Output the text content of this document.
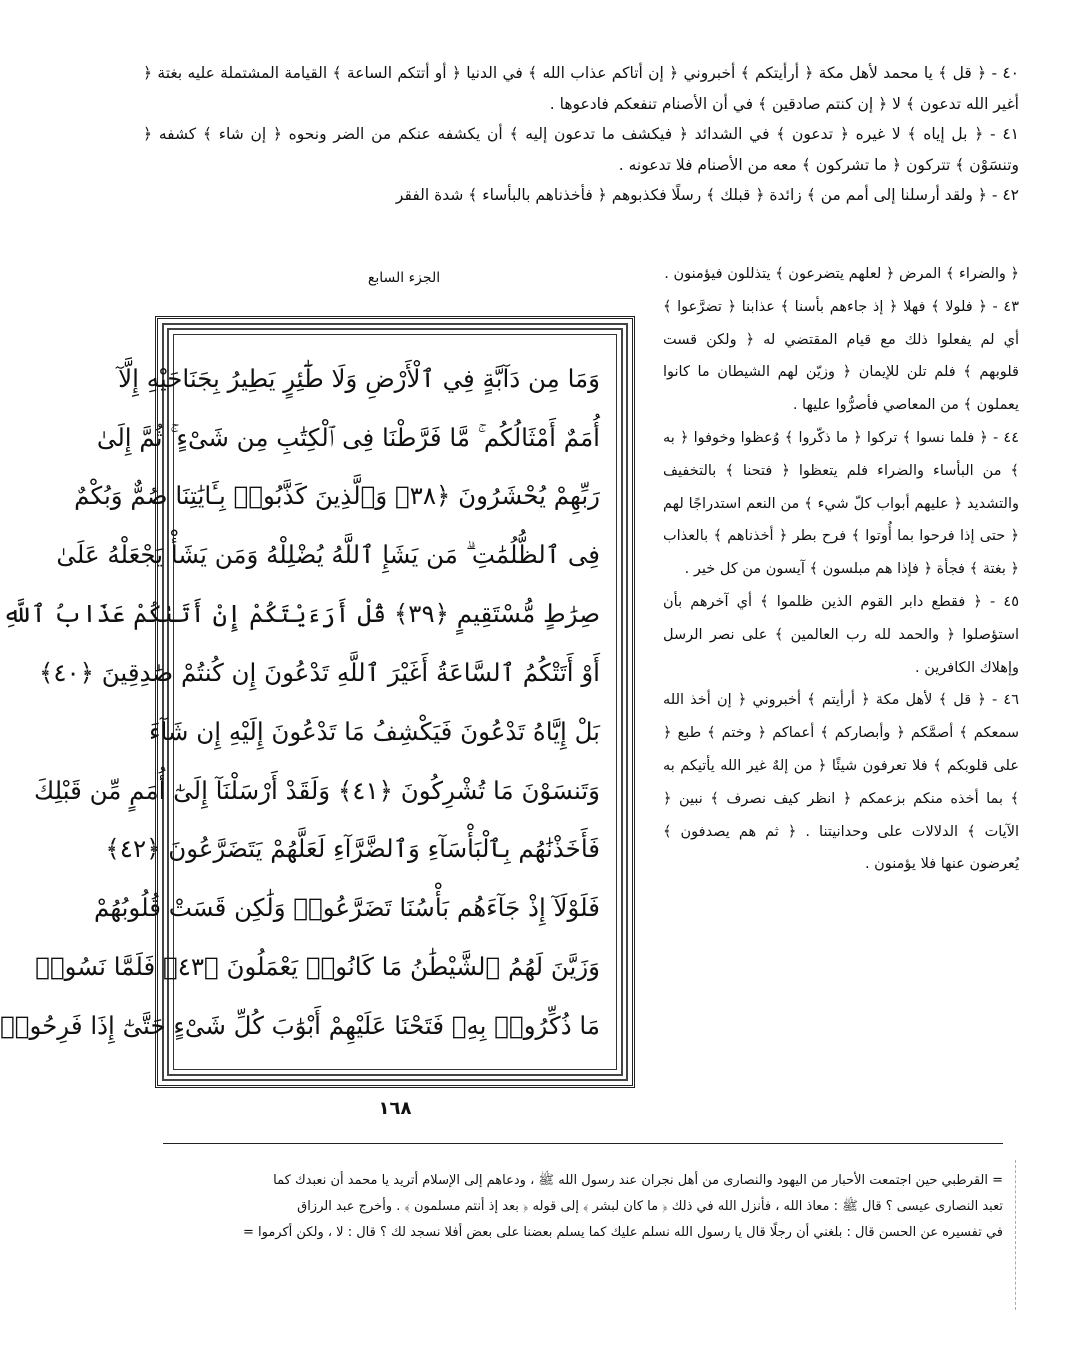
٤٠ - ﴿ قل ﴾ يا محمد لأهل مكة ﴿ أرأيتكم ﴾ أخبروني ﴿ إن أتاكم عذاب الله ﴾ في الدنيا ﴿ أو أتتكم الساعة ﴾ القيامة المشتملة عليه بغتة ﴿ أغير الله تدعون ﴾ لا ﴿ إن كنتم صادقين ﴾ في أن الأصنام تنفعكم فادعوها .

٤١ - ﴿ بل إياه ﴾ لا غيره ﴿ تدعون ﴾ في الشدائد ﴿ فيكشف ما تدعون إليه ﴾ أن يكشفه عنكم من الضر ونحوه ﴿ إن شاء ﴾ كشفه ﴿ وتنسَوْن ﴾ تتركون ﴿ ما تشركون ﴾ معه من الأصنام فلا تدعونه .

٤٢ - ﴿ ولقد أرسلنا إلى أمم من ﴾ زائدة ﴿ قبلك ﴾ رسلًا فكذبوهم ﴿ فأخذناهم بالبأساء ﴾ شدة الفقر

الجزء السابع
وَمَا مِن دَآبَّةٍ فِي ٱلْأَرْضِ وَلَا طَٰٓئِرٍ يَطِيرُ بِجَنَاحَيْهِ إِلَّآ
أُمَمٌ أَمْثَالُكُم ۚ مَّا فَرَّطْنَا فِى ٱلْكِتَٰبِ مِن شَىْءٍ ۚ ثُمَّ إِلَىٰ
رَبِّهِمْ يُحْشَرُونَ ﴿٣٨﴾ وَٱلَّذِينَ كَذَّبُوا۟ بِـَٔايَٰتِنَا صُمٌّ وَبُكْمٌ
فِى ٱلظُّلُمَٰتِ ۗ مَن يَشَإِ ٱللَّهُ يُضْلِلْهُ وَمَن يَشَأْ يَجْعَلْهُ عَلَىٰ
صِرَٰطٍ مُّسْتَقِيمٍ ﴿٣٩﴾ قُلْ أَرَءَيْتَكُمْ إِنْ أَتَىٰكُمْ عَذَابُ ٱللَّهِ
أَوْ أَتَتْكُمُ ٱلسَّاعَةُ أَغَيْرَ ٱللَّهِ تَدْعُونَ إِن كُنتُمْ صَٰدِقِينَ ﴿٤٠﴾
بَلْ إِيَّاهُ تَدْعُونَ فَيَكْشِفُ مَا تَدْعُونَ إِلَيْهِ إِن شَآءَ
وَتَنسَوْنَ مَا تُشْرِكُونَ ﴿٤١﴾ وَلَقَدْ أَرْسَلْنَآ إِلَىٰٓ أُمَمٍ مِّن قَبْلِكَ
فَأَخَذْنَٰهُم بِٱلْبَأْسَآءِ وَٱلضَّرَّآءِ لَعَلَّهُمْ يَتَضَرَّعُونَ ﴿٤٢﴾
فَلَوْلَآ إِذْ جَآءَهُم بَأْسُنَا تَضَرَّعُوا۟ وَلَٰكِن قَسَتْ قُلُوبُهُمْ
وَزَيَّنَ لَهُمُ ٱلشَّيْطَٰنُ مَا كَانُوا۟ يَعْمَلُونَ ﴿٤٣﴾ فَلَمَّا نَسُوا۟
مَا ذُكِّرُوا۟ بِهِۦ فَتَحْنَا عَلَيْهِمْ أَبْوَٰبَ كُلِّ شَىْءٍ حَتَّىٰٓ إِذَا فَرِحُوا۟
١٦٨

﴿ والضراء ﴾ المرض ﴿ لعلهم يتضرعون ﴾ يتذللون فيؤمنون .

٤٣ - ﴿ فلولا ﴾ فهلا ﴿ إذ جاءهم بأسنا ﴾ عذابنا ﴿ تضرَّعوا ﴾ أي لم يفعلوا ذلك مع قيام المقتضي له ﴿ ولكن قست قلوبهم ﴾ فلم تلن للإيمان ﴿ وزيّن لهم الشيطان ما كانوا يعملون ﴾ من المعاصي فأصرُّوا عليها .

٤٤ - ﴿ فلما نسوا ﴾ تركوا ﴿ ما ذكّروا ﴾ وُعظوا وخوفوا ﴿ به ﴾ من البأساء والضراء فلم يتعظوا ﴿ فتحنا ﴾ بالتخفيف والتشديد ﴿ عليهم أبواب كلّ شيء ﴾ من النعم استدراجًا لهم ﴿ حتى إذا فرحوا بما أُوتوا ﴾ فرح بطر ﴿ أخذناهم ﴾ بالعذاب ﴿ بغتة ﴾ فجأة ﴿ فإذا هم مبلسون ﴾ آيسون من كل خير .

٤٥ - ﴿ فقطع دابر القوم الذين ظلموا ﴾ أي آخرهم بأن استؤصلوا ﴿ والحمد لله رب العالمين ﴾ على نصر الرسل وإهلاك الكافرين .

٤٦ - ﴿ قل ﴾ لأهل مكة ﴿ أرأيتم ﴾ أخبروني ﴿ إن أخذ الله سمعكم ﴾ أصمَّكم ﴿ وأبصاركم ﴾ أعماكم ﴿ وختم ﴾ طبع ﴿ على قلوبكم ﴾ فلا تعرفون شيئًا ﴿ من إلهٌ غير الله يأتيكم به ﴾ بما أخذه منكم بزعمكم ﴿ انظر كيف نصرف ﴾ نبين ﴿ الآيات ﴾ الدلالات على وحدانيتنا . ﴿ ثم هم يصدفون ﴾ يُعرضون عنها فلا يؤمنون .

= القرطبي حين اجتمعت الأحبار من اليهود والنصارى من أهل نجران عند رسول الله ﷺ ، ودعاهم إلى الإسلام أتريد يا محمد أن نعبدك كما

تعبد النصارى عيسى ؟ قال ﷺ : معاذ الله ، فأنزل الله في ذلك ﴿ ما كان لبشر ﴾ إلى قوله ﴿ بعد إذ أنتم مسلمون ﴾ . وأخرج عبد الرزاق

في تفسيره عن الحسن قال : بلغني أن رجلًا قال يا رسول الله نسلم عليك كما يسلم بعضنا على بعض أفلا نسجد لك ؟ قال : لا ، ولكن أكرموا =
